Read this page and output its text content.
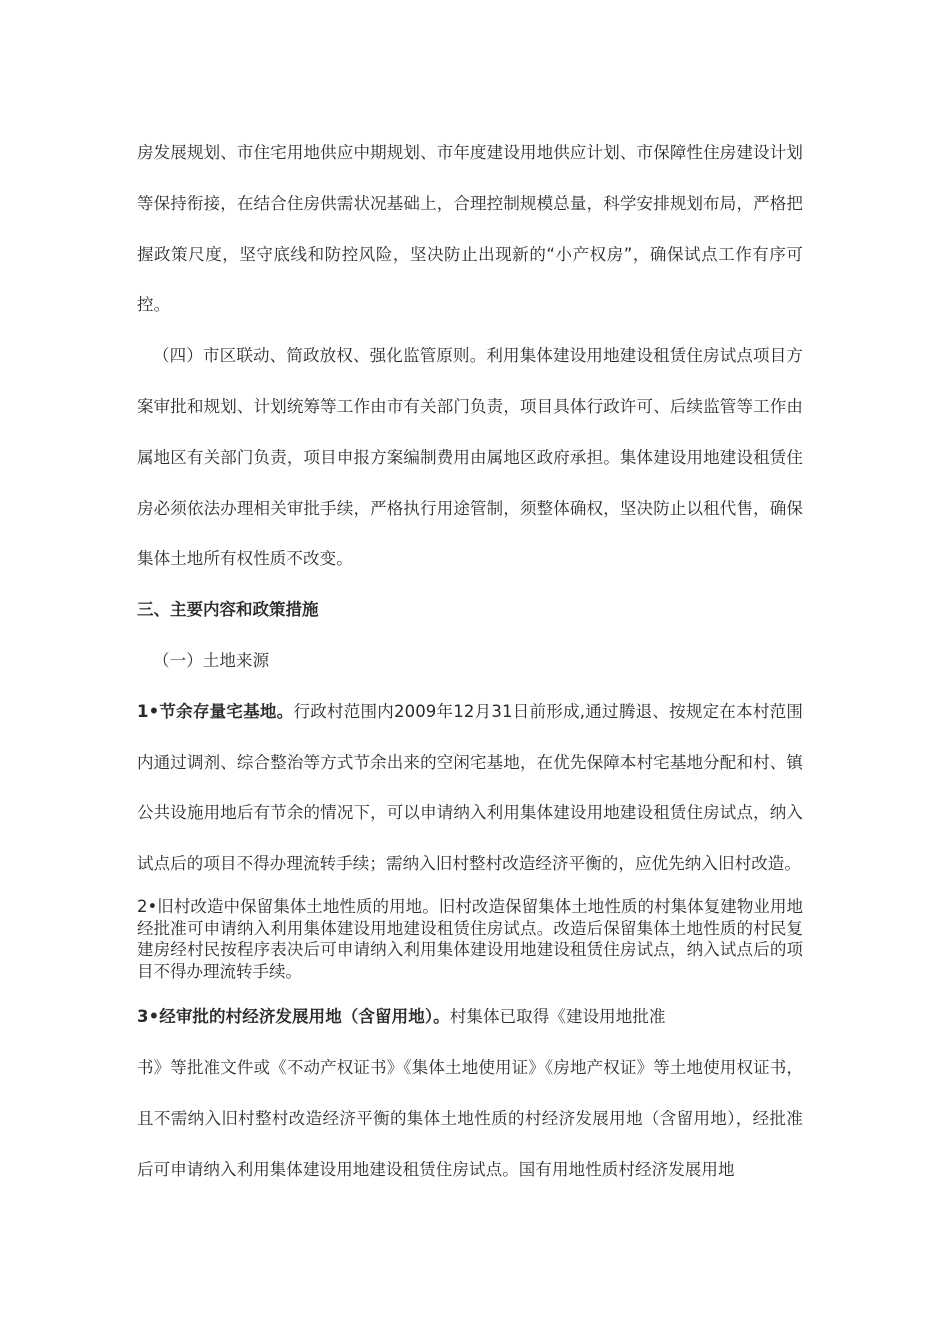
房发展规划、市住宅用地供应中期规划、市年度建设用地供应计划、市保障性住房建设计划等保持衔接，在结合住房供需状况基础上，合理控制规模总量，科学安排规划布局，严格把握政策尺度，坚守底线和防控风险，坚决防止出现新的“小产权房”，确保试点工作有序可控。

（四）市区联动、简政放权、强化监管原则。利用集体建设用地建设租赁住房试点项目方案审批和规划、计划统筹等工作由市有关部门负责，项目具体行政许可、后续监管等工作由属地区有关部门负责，项目申报方案编制费用由属地区政府承担。集体建设用地建设租赁住房必须依法办理相关审批手续，严格执行用途管制，须整体确权，坚决防止以租代售，确保集体土地所有权性质不改变。

三、主要内容和政策措施

（一）土地来源

1•节余存量宅基地。行政村范围内2009年12月31日前形成,通过腾退、按规定在本村范围内通过调剂、综合整治等方式节余出来的空闲宅基地，在优先保障本村宅基地分配和村、镇公共设施用地后有节余的情况下，可以申请纳入利用集体建设用地建设租赁住房试点，纳入试点后的项目不得办理流转手续；需纳入旧村整村改造经济平衡的，应优先纳入旧村改造。

2•旧村改造中保留集体土地性质的用地。旧村改造保留集体土地性质的村集体复建物业用地经批准可申请纳入利用集体建设用地建设租赁住房试点。改造后保留集体土地性质的村民复建房经村民按程序表决后可申请纳入利用集体建设用地建设租赁住房试点，纳入试点后的项目不得办理流转手续。

3•经审批的村经济发展用地（含留用地）。村集体已取得《建设用地批准
书》等批准文件或《不动产权证书》《集体土地使用证》《房地产权证》等土地使用权证书，且不需纳入旧村整村改造经济平衡的集体土地性质的村经济发展用地（含留用地），经批准后可申请纳入利用集体建设用地建设租赁住房试点。国有用地性质村经济发展用地
